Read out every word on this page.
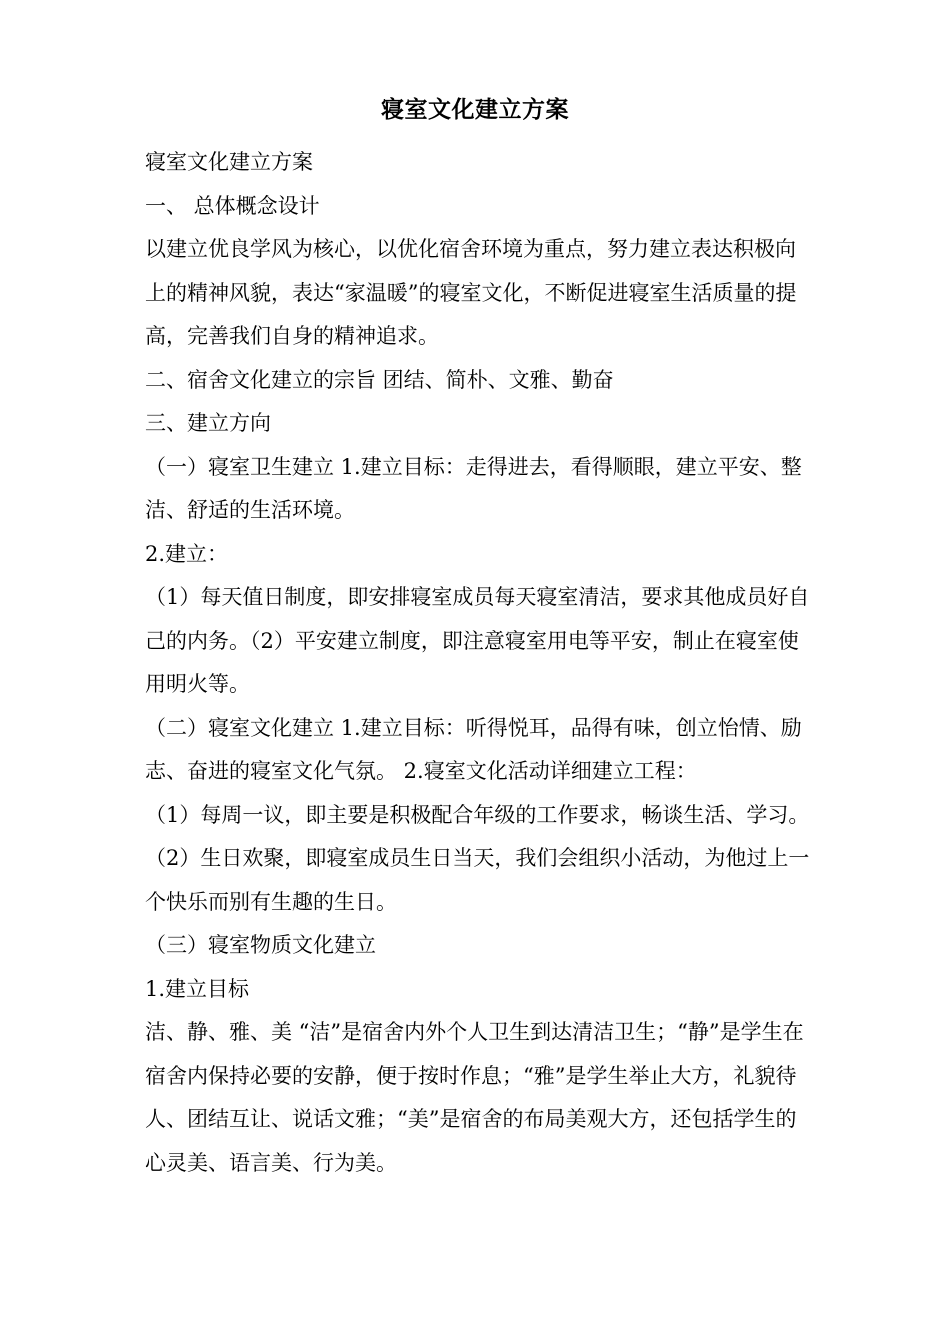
寝室文化建立方案

寝室文化建立方案

一、 总体概念设计

以建立优良学风为核心，以优化宿舍环境为重点，努力建立表达积极向上的精神风貌，表达“家温暖”的寝室文化，不断促进寝室生活质量的提高，完善我们自身的精神追求。

二、宿舍文化建立的宗旨 团结、简朴、文雅、勤奋

三、建立方向

（一）寝室卫生建立 1.建立目标：走得进去，看得顺眼，建立平安、整洁、舒适的生活环境。

2.建立：

（1）每天值日制度，即安排寝室成员每天寝室清洁，要求其他成员好自己的内务。（2）平安建立制度，即注意寝室用电等平安，制止在寝室使用明火等。

（二）寝室文化建立 1.建立目标：听得悦耳，品得有味，创立怡情、励志、奋进的寝室文化气氛。 2.寝室文化活动详细建立工程：

（1）每周一议，即主要是积极配合年级的工作要求，畅谈生活、学习。 （2）生日欢聚，即寝室成员生日当天，我们会组织小活动，为他过上一个快乐而别有生趣的生日。

（三）寝室物质文化建立

1.建立目标

洁、静、雅、美 “洁”是宿舍内外个人卫生到达清洁卫生；“静”是学生在宿舍内保持必要的安静，便于按时作息；“雅”是学生举止大方，礼貌待人、团结互让、说话文雅；“美”是宿舍的布局美观大方，还包括学生的心灵美、语言美、行为美。
